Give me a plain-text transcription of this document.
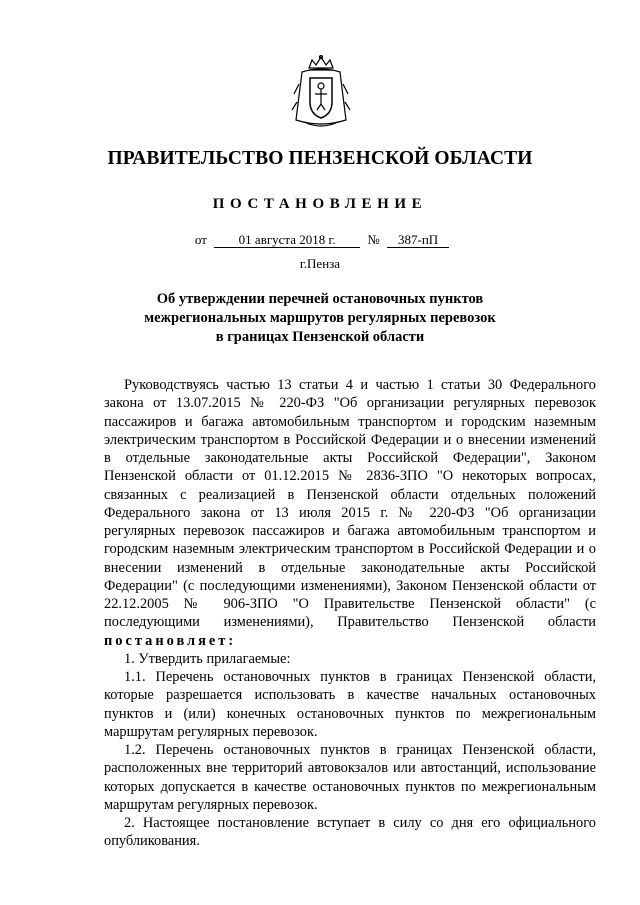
ПРАВИТЕЛЬСТВО ПЕНЗЕНСКОЙ ОБЛАСТИ
ПОСТАНОВЛЕНИЕ
от 01 августа 2018 г. № 387-пП
г.Пенза
Об утверждении перечней остановочных пунктов
межрегиональных маршрутов регулярных перевозок
в границах Пензенской области

Руководствуясь частью 13 статьи 4 и частью 1 статьи 30 Федерального закона от 13.07.2015 № 220-ФЗ "Об организации регулярных перевозок пассажиров и багажа автомобильным транспортом и городским наземным электрическим транспортом в Российской Федерации и о внесении изменений в отдельные законодательные акты Российской Федерации", Законом Пензенской области от 01.12.2015 № 2836-ЗПО "О некоторых вопросах, связанных с реализацией в Пензенской области отдельных положений Федерального закона от 13 июля 2015 г. № 220-ФЗ "Об организации регулярных перевозок пассажиров и багажа автомобильным транспортом и городским наземным электрическим транспортом в Российской Федерации и о внесении изменений в отдельные законодательные акты Российской Федерации" (с последующими изменениями), Законом Пензенской области от 22.12.2005 № 906-ЗПО "О Правительстве Пензенской области" (с последующими изменениями), Правительство Пензенской области постановляет:

1. Утвердить прилагаемые:

1.1. Перечень остановочных пунктов в границах Пензенской области, которые разрешается использовать в качестве начальных остановочных пунктов и (или) конечных остановочных пунктов по межрегиональным маршрутам регулярных перевозок.

1.2. Перечень остановочных пунктов в границах Пензенской области, расположенных вне территорий автовокзалов или автостанций, использование которых допускается в качестве остановочных пунктов по межрегиональным маршрутам регулярных перевозок.

2. Настоящее постановление вступает в силу со дня его официального опубликования.
